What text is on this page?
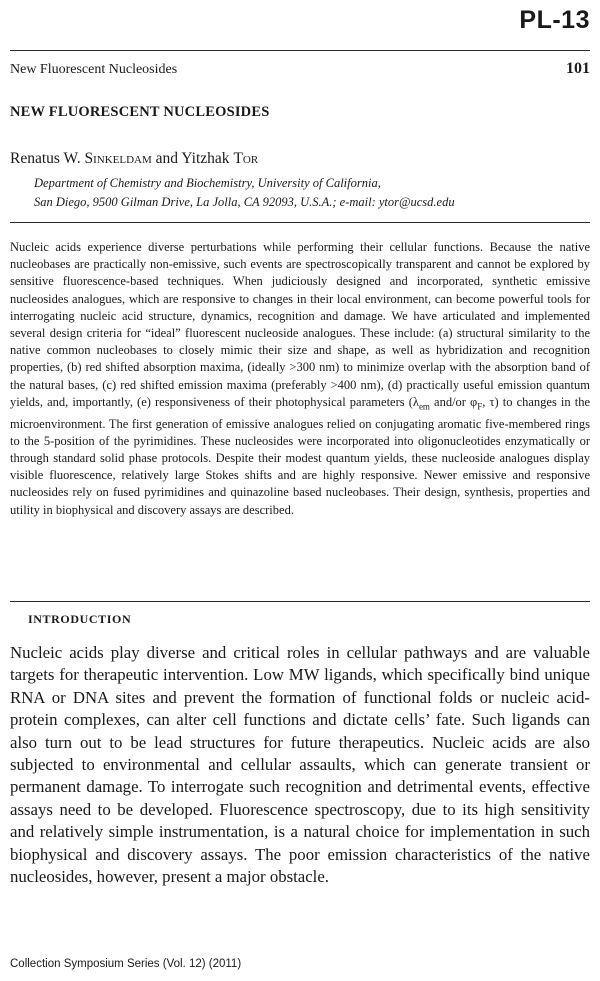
PL-13
New Fluorescent Nucleosides	101
NEW FLUORESCENT NUCLEOSIDES
Renatus W. Sinkeldam and Yitzhak Tor
Department of Chemistry and Biochemistry, University of California,
San Diego, 9500 Gilman Drive, La Jolla, CA 92093, U.S.A.; e-mail: ytor@ucsd.edu

Nucleic acids experience diverse perturbations while performing their cellular functions. Because the native nucleobases are practically non-emissive, such events are spectroscopically transparent and cannot be explored by sensitive fluorescence-based techniques. When judiciously designed and incorporated, synthetic emissive nucleosides analogues, which are responsive to changes in their local environment, can become powerful tools for interrogating nucleic acid structure, dynamics, recognition and damage. We have articulated and implemented several design criteria for “ideal” fluorescent nucleoside analogues. These include: (a) structural similarity to the native common nucleobases to closely mimic their size and shape, as well as hybridization and recognition properties, (b) red shifted absorption maxima, (ideally >300 nm) to minimize overlap with the absorption band of the natural bases, (c) red shifted emission maxima (preferably >400 nm), (d) practically useful emission quantum yields, and, importantly, (e) responsiveness of their photophysical parameters ($\lambda_{em}$ and/or $\varphi_F$, τ) to changes in the microenvironment. The first generation of emissive analogues relied on conjugating aromatic five-membered rings to the 5-position of the pyrimidines. These nucleosides were incorporated into oligonucleotides enzymatically or through standard solid phase protocols. Despite their modest quantum yields, these nucleoside analogues display visible fluorescence, relatively large Stokes shifts and are highly responsive. Newer emissive and responsive nucleosides rely on fused pyrimidines and quinazoline based nucleobases. Their design, synthesis, properties and utility in biophysical and discovery assays are described.

INTRODUCTION

Nucleic acids play diverse and critical roles in cellular pathways and are valuable targets for therapeutic intervention. Low MW ligands, which specifically bind unique RNA or DNA sites and prevent the formation of functional folds or nucleic acid-protein complexes, can alter cell functions and dictate cells’ fate. Such ligands can also turn out to be lead structures for future therapeutics. Nucleic acids are also subjected to environmental and cellular assaults, which can generate transient or permanent damage. To interrogate such recognition and detrimental events, effective assays need to be developed. Fluorescence spectroscopy, due to its high sensitivity and relatively simple instrumentation, is a natural choice for implementation in such biophysical and discovery assays. The poor emission characteristics of the native nucleosides, however, present a major obstacle.

Collection Symposium Series (Vol. 12) (2011)
